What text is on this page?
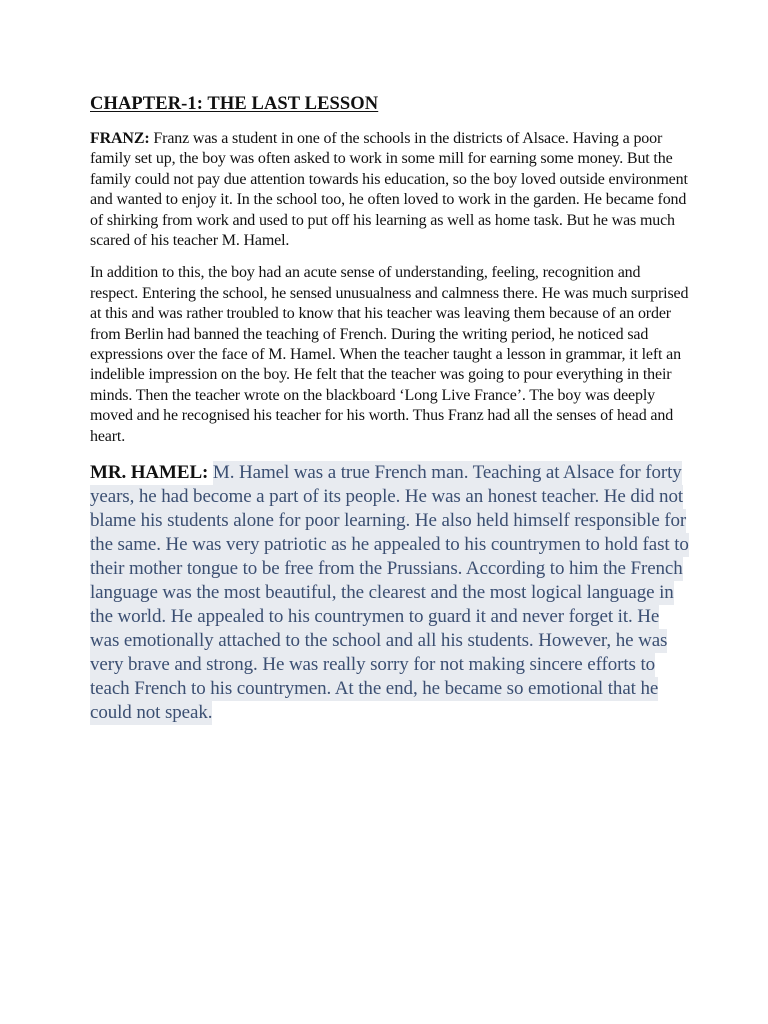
CHAPTER-1: THE LAST LESSON

FRANZ: Franz was a student in one of the schools in the districts of Alsace. Having a poor family set up, the boy was often asked to work in some mill for earning some money. But the family could not pay due attention towards his education, so the boy loved outside environment and wanted to enjoy it. In the school too, he often loved to work in the garden. He became fond of shirking from work and used to put off his learning as well as home task. But he was much scared of his teacher M. Hamel.

In addition to this, the boy had an acute sense of understanding, feeling, recognition and respect. Entering the school, he sensed unusualness and calmness there. He was much surprised at this and was rather troubled to know that his teacher was leaving them because of an order from Berlin had banned the teaching of French. During the writing period, he noticed sad expressions over the face of M. Hamel. When the teacher taught a lesson in grammar, it left an indelible impression on the boy. He felt that the teacher was going to pour everything in their minds. Then the teacher wrote on the blackboard ‘Long Live France’. The boy was deeply moved and he recognised his teacher for his worth. Thus Franz had all the senses of head and heart.

MR. HAMEL: M. Hamel was a true French man. Teaching at Alsace for forty years, he had become a part of its people. He was an honest teacher. He did not blame his students alone for poor learning. He also held himself responsible for the same. He was very patriotic as he appealed to his countrymen to hold fast to their mother tongue to be free from the Prussians. According to him the French language was the most beautiful, the clearest and the most logical language in the world. He appealed to his countrymen to guard it and never forget it. He was emotionally attached to the school and all his students. However, he was very brave and strong. He was really sorry for not making sincere efforts to teach French to his countrymen. At the end, he became so emotional that he could not speak.
